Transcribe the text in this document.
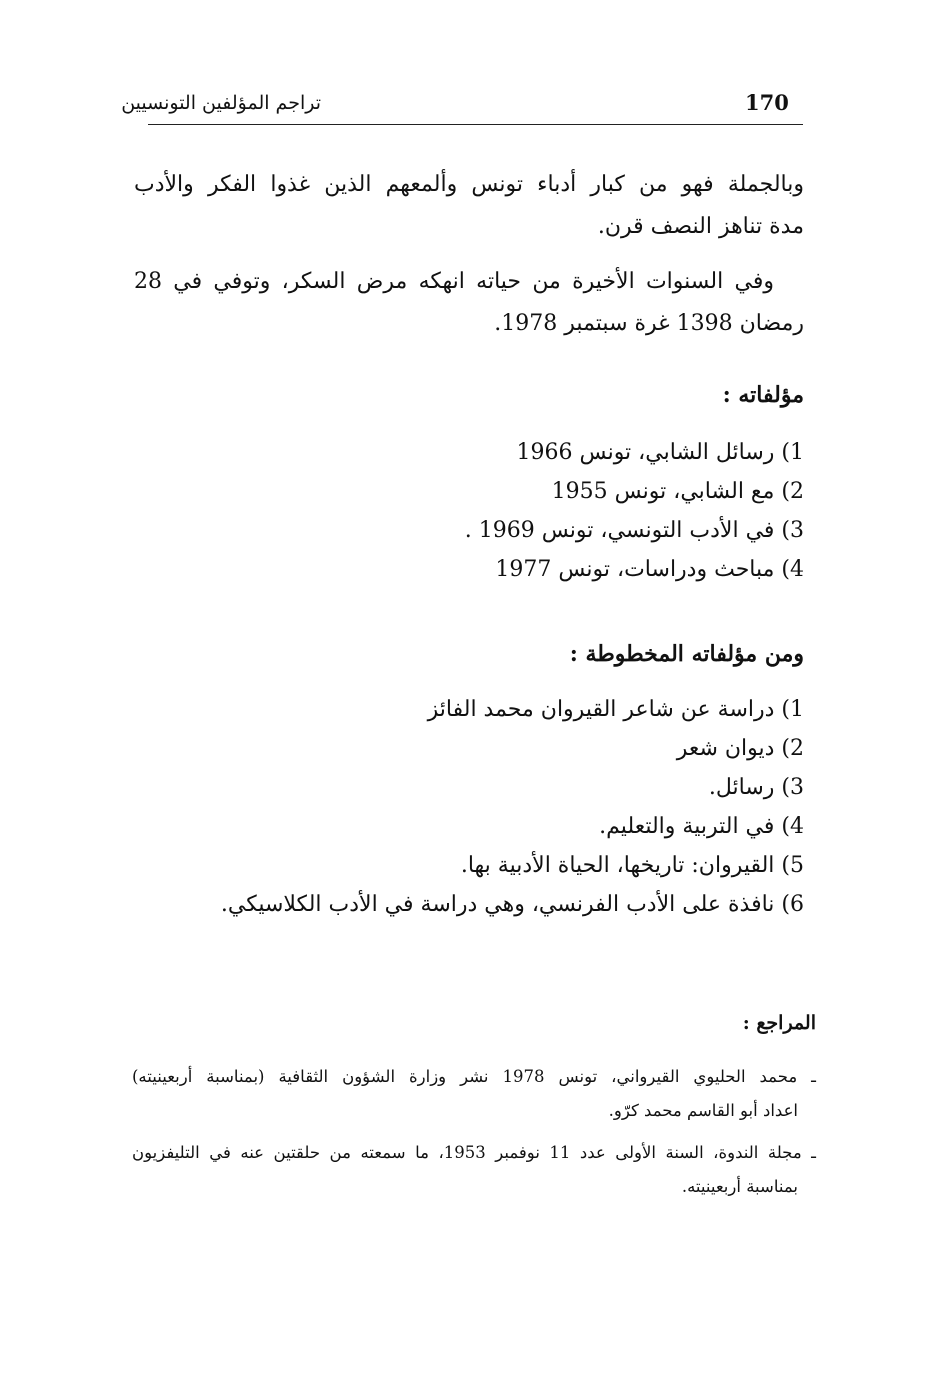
170
تراجم المؤلفين التونسيين
وبالجملة فهو من كبار أدباء تونس وألمعهم الذين غذوا الفكر والأدب
مدة تناهز النصف قرن.
وفي السنوات الأخيرة من حياته انهكه مرض السكر، وتوفي في 28
رمضان 1398 غرة سبتمبر 1978.
مؤلفاته :
1) رسائل الشابي، تونس 1966
2) مع الشابي، تونس 1955
3) في الأدب التونسي، تونس 1969 .
4) مباحث ودراسات، تونس 1977
ومن مؤلفاته المخطوطة :
1) دراسة عن شاعر القيروان محمد الفائز
2) ديوان شعر
3) رسائل.
4) في التربية والتعليم.
5) القيروان: تاريخها، الحياة الأدبية بها.
6) نافذة على الأدب الفرنسي، وهي دراسة في الأدب الكلاسيكي.
المراجع :
ـ محمد الحليوي القيرواني، تونس 1978 نشر وزارة الشؤون الثقافية (بمناسبة أربعينيته)
اعداد أبو القاسم محمد كرّو.
ـ مجلة الندوة، السنة الأولى عدد 11 نوفمبر 1953، ما سمعته من حلقتين عنه في التليفزيون
بمناسبة أربعينيته.
